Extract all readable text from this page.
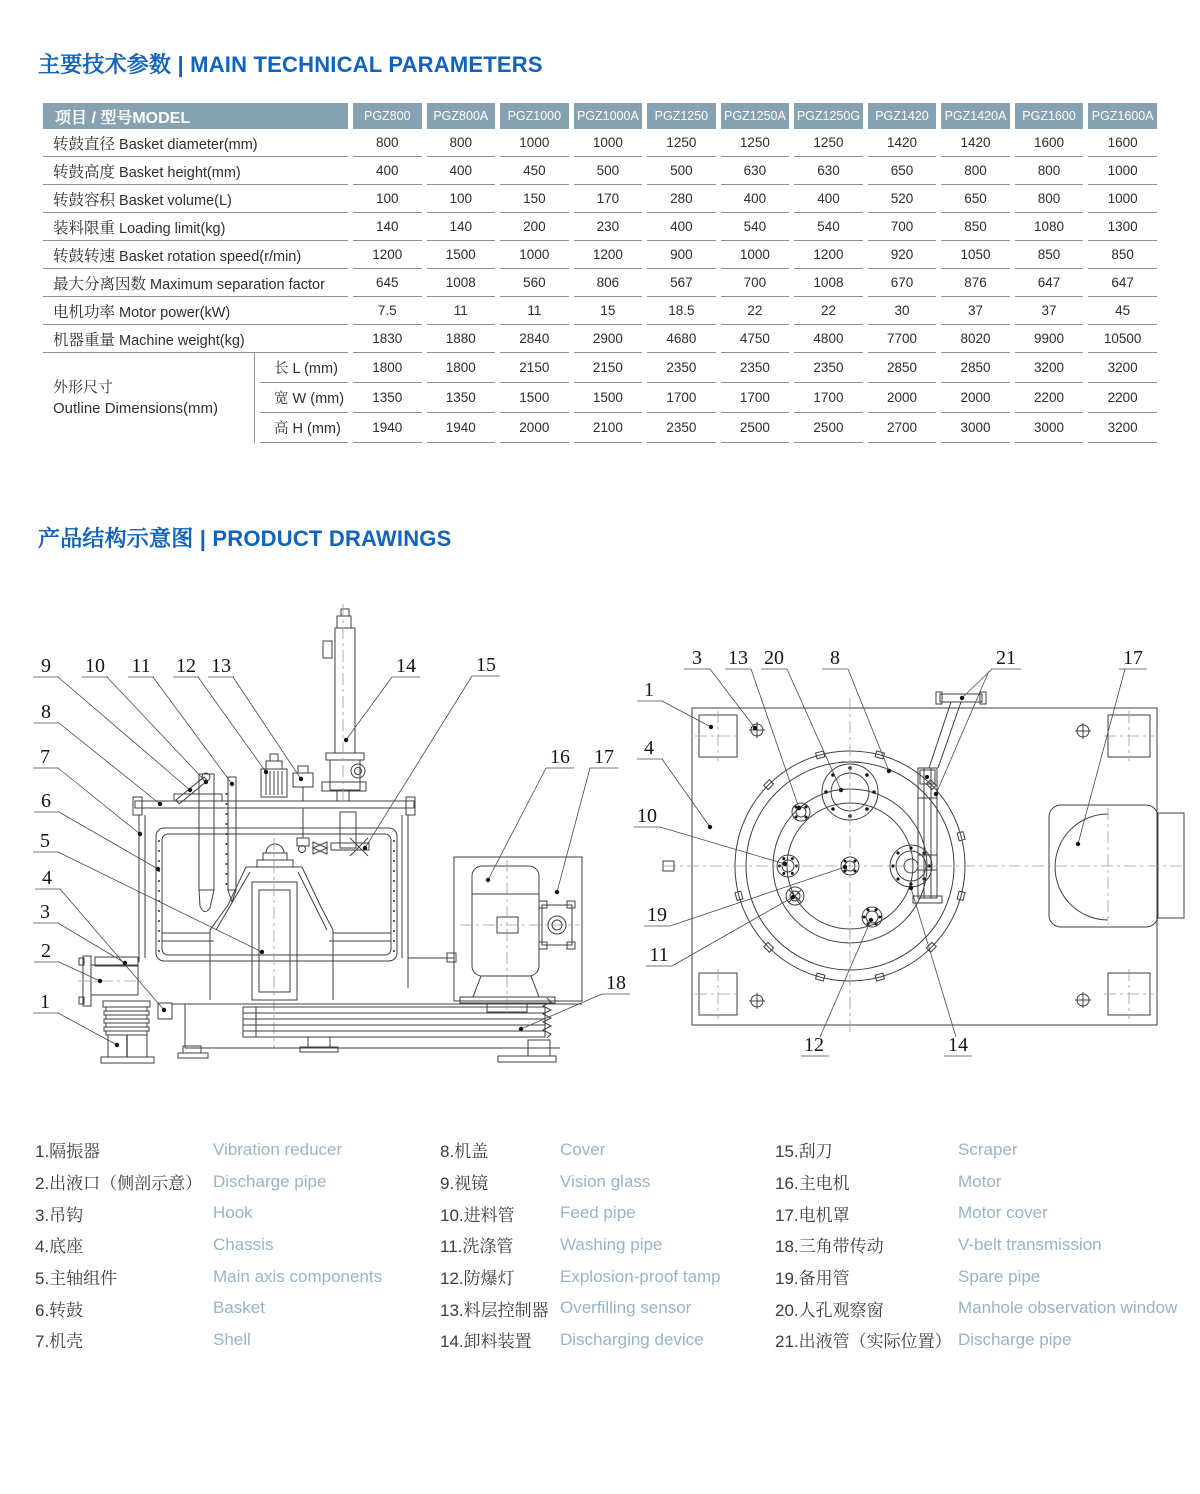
主要技术参数 | MAIN TECHNICAL PARAMETERS
项目 / 型号MODEL		PGZ800	PGZ800A	PGZ1000	PGZ1000A	PGZ1250	PGZ1250A	PGZ1250G	PGZ1420	PGZ1420A	PGZ1600	PGZ1600A
转鼓直径 Basket diameter(mm)		800	800	1000	1000	1250	1250	1250	1420	1420	1600	1600
转鼓高度 Basket height(mm)		400	400	450	500	500	630	630	650	800	800	1000
转鼓容积 Basket volume(L)		100	100	150	170	280	400	400	520	650	800	1000
装料限重 Loading limit(kg)		140	140	200	230	400	540	540	700	850	1080	1300
转鼓转速 Basket rotation speed(r/min)		1200	1500	1000	1200	900	1000	1200	920	1050	850	850
最大分离因数 Maximum separation factor		645	1008	560	806	567	700	1008	670	876	647	647
电机功率 Motor power(kW)		7.5	11	11	15	18.5	22	22	30	37	37	45
机器重量 Machine weight(kg)		1830	1880	2840	2900	4680	4750	4800	7700	8020	9900	10500

外形尺寸
Outline Dimensions(mm)	长 L (mm)	1800	1800	2150	2150	2350	2350	2350	2850	2850	3200	3200
	宽 W (mm)	1350	1350	1500	1500	1700	1700	1700	2000	2000	2200	2200
	高 H (mm)	1940	1940	2000	2100	2350	2500	2500	2700	3000	3000	3200
产品结构示意图 | PRODUCT DRAWINGS
9 10 11 12 13	14	15
16 17
8
7
6
5
4
3
2
1
18
3 13 20 8	21	17
1
4
10
19
11
12	14
1.隔振器	Vibration reducer
2.出液口（侧剖示意） Discharge pipe
3.吊钩	Hook
4.底座	Chassis
5.主轴组件	Main axis components
6.转鼓	Basket
7.机壳	Shell
8.机盖	Cover
9.视镜	Vision glass
10.进料管	Feed pipe
11.洗涤管	Washing pipe
12.防爆灯	Explosion-proof tamp
13.料层控制器 Overfilling sensor
14.卸料装置	Discharging device
15.刮刀	Scraper
16.主电机	Motor
17.电机罩	Motor cover
18.三角带传动	V-belt transmission
19.备用管	Spare pipe
20.人孔观察窗	Manhole observation window
21.出液管（实际位置） Discharge pipe
